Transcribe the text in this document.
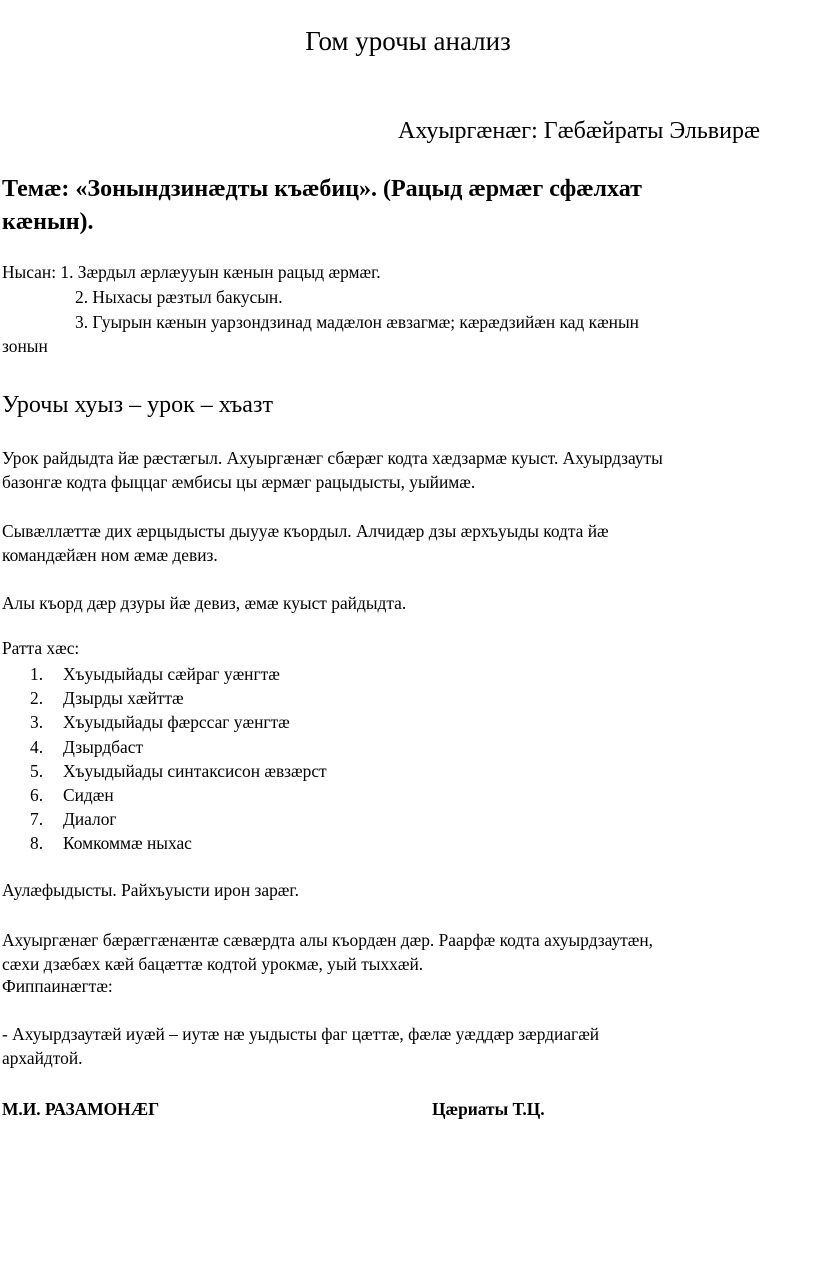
Гом урочы анализ
Ахуыргæнæг: Гæбæйраты Эльвирæ
Темæ: «Зонындзинæдты къæбиц». (Рацыд æрмæг сфæлхат
кæнын).
Нысан: 1. Зæрдыл æрлæууын кæнын рацыд æрмæг.
2. Ныхасы рæзтыл бакусын.
3. Гуырын кæнын уарзондзинад мадæлон æвзагмæ; кæрæдзийæн кад кæнын
зонын
Урочы хуыз – урок – хъазт
Урок райдыдта йæ рæстæгыл. Ахуыргæнæг сбæрæг кодта хæдзармæ куыст. Ахуырдзауты
базонгæ кодта фыццаг æмбисы цы æрмæг рацыдысты, уыйимæ.
Сывæллæттæ дих æрцыдысты дыууæ къордыл. Алчидæр дзы æрхъуыды кодта йæ
командæйæн ном æмæ девиз.
Алы къорд дæр дзуры йæ девиз, æмæ куыст райдыдта.
Ратта хæс:
1.	Хъуыдыйады сæйраг уæнгтæ
2.	Дзырды хæйттæ
3.	Хъуыдыйады фæрссаг уæнгтæ
4.	Дзырдбаст
5.	Хъуыдыйады синтаксисон æвзæрст
6.	Сидæн
7.	Диалог
8.	Комкоммæ ныхас
Аулæфыдысты. Райхъуысти ирон зарæг.
Ахуыргæнæг бæрæггæнæнтæ сæвæрдта алы къордæн дæр. Раарфæ кодта ахуырдзаутæн,
сæхи дзæбæх кæй бацæттæ кодтой урокмæ, уый тыххæй.
Фиппаинæгтæ:
- Ахуырдзаутæй иуæй – иутæ нæ уыдысты фаг цæттæ, фæлæ уæддæр зæрдиагæй
архайдтой.
М.И. РАЗАМОНÆГ	Цæриаты Т.Ц.
